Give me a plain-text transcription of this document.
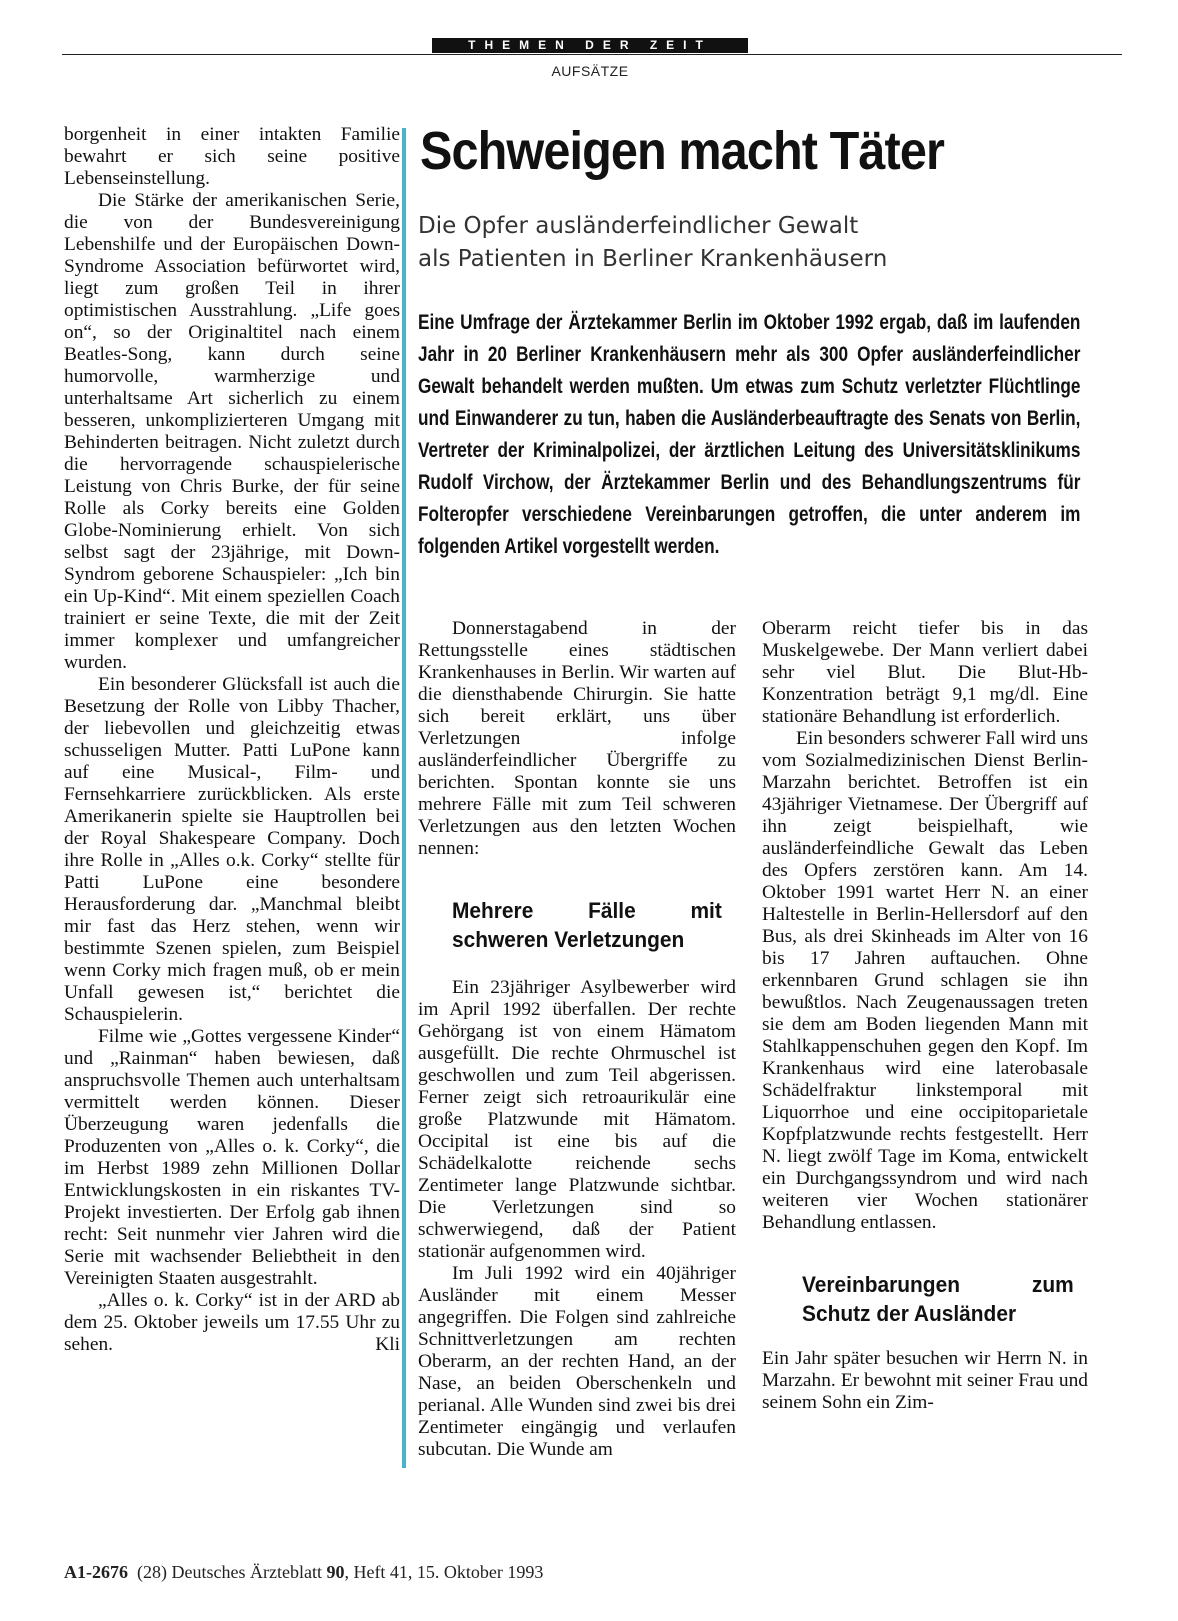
THEMEN DER ZEIT
AUFSÄTZE

borgenheit in einer intakten Familie bewahrt er sich seine positive Lebenseinstellung.

Die Stärke der amerikanischen Serie, die von der Bundesvereinigung Lebenshilfe und der Europäischen Down-Syndrome Association befürwortet wird, liegt zum großen Teil in ihrer optimistischen Ausstrahlung. „Life goes on“, so der Originaltitel nach einem Beatles-Song, kann durch seine humorvolle, warmherzige und unterhaltsame Art sicherlich zu einem besseren, unkomplizierteren Umgang mit Behinderten beitragen. Nicht zuletzt durch die hervorragende schauspielerische Leistung von Chris Burke, der für seine Rolle als Corky bereits eine Golden Globe-Nominierung erhielt. Von sich selbst sagt der 23jährige, mit Down-Syndrom geborene Schauspieler: „Ich bin ein Up-Kind“. Mit einem speziellen Coach trainiert er seine Texte, die mit der Zeit immer komplexer und umfangreicher wurden.

Ein besonderer Glücksfall ist auch die Besetzung der Rolle von Libby Thacher, der liebevollen und gleichzeitig etwas schusseligen Mutter. Patti LuPone kann auf eine Musical-, Film- und Fernsehkarriere zurückblicken. Als erste Amerikanerin spielte sie Hauptrollen bei der Royal Shakespeare Company. Doch ihre Rolle in „Alles o.k. Corky“ stellte für Patti LuPone eine besondere Herausforderung dar. „Manchmal bleibt mir fast das Herz stehen, wenn wir bestimmte Szenen spielen, zum Beispiel wenn Corky mich fragen muß, ob er mein Unfall gewesen ist,“ berichtet die Schauspielerin.

Filme wie „Gottes vergessene Kinder“ und „Rainman“ haben bewiesen, daß anspruchsvolle Themen auch unterhaltsam vermittelt werden können. Dieser Überzeugung waren jedenfalls die Produzenten von „Alles o. k. Corky“, die im Herbst 1989 zehn Millionen Dollar Entwicklungskosten in ein riskantes TV-Projekt investierten. Der Erfolg gab ihnen recht: Seit nunmehr vier Jahren wird die Serie mit wachsender Beliebtheit in den Vereinigten Staaten ausgestrahlt.

„Alles o. k. Corky“ ist in der ARD ab dem 25. Oktober jeweils um 17.55 Uhr zu sehen.	Kli

Schweigen macht Täter
Die Opfer ausländerfeindlicher Gewalt
als Patienten in Berliner Krankenhäusern

Eine Umfrage der Ärztekammer Berlin im Oktober 1992 ergab, daß im laufenden Jahr in 20 Berliner Krankenhäusern mehr als 300 Opfer ausländerfeindlicher Gewalt behandelt werden mußten. Um etwas zum Schutz verletzter Flüchtlinge und Einwanderer zu tun, haben die Ausländerbeauftragte des Senats von Berlin, Vertreter der Kriminalpolizei, der ärztlichen Leitung des Universitätsklinikums Rudolf Virchow, der Ärztekammer Berlin und des Behandlungszentrums für Folteropfer verschiedene Vereinbarungen getroffen, die unter anderem im folgenden Artikel vorgestellt werden.

Donnerstagabend in der Rettungsstelle eines städtischen Krankenhauses in Berlin. Wir warten auf die diensthabende Chirurgin. Sie hatte sich bereit erklärt, uns über Verletzungen infolge ausländerfeindlicher Übergriffe zu berichten. Spontan konnte sie uns mehrere Fälle mit zum Teil schweren Verletzungen aus den letzten Wochen nennen:

Mehrere Fälle mit schweren Verletzungen

Ein 23jähriger Asylbewerber wird im April 1992 überfallen. Der rechte Gehörgang ist von einem Hämatom ausgefüllt. Die rechte Ohrmuschel ist geschwollen und zum Teil abgerissen. Ferner zeigt sich retroaurikulär eine große Platzwunde mit Hämatom. Occipital ist eine bis auf die Schädelkalotte reichende sechs Zentimeter lange Platzwunde sichtbar. Die Verletzungen sind so schwerwiegend, daß der Patient stationär aufgenommen wird.

Im Juli 1992 wird ein 40jähriger Ausländer mit einem Messer angegriffen. Die Folgen sind zahlreiche Schnittverletzungen am rechten Oberarm, an der rechten Hand, an der Nase, an beiden Oberschenkeln und perianal. Alle Wunden sind zwei bis drei Zentimeter eingängig und verlaufen subcutan. Die Wunde am

Oberarm reicht tiefer bis in das Muskelgewebe. Der Mann verliert dabei sehr viel Blut. Die Blut-Hb-Konzentration beträgt 9,1 mg/dl. Eine stationäre Behandlung ist erforderlich.

Ein besonders schwerer Fall wird uns vom Sozialmedizinischen Dienst Berlin-Marzahn berichtet. Betroffen ist ein 43jähriger Vietnamese. Der Übergriff auf ihn zeigt beispielhaft, wie ausländerfeindliche Gewalt das Leben des Opfers zerstören kann. Am 14. Oktober 1991 wartet Herr N. an einer Haltestelle in Berlin-Hellersdorf auf den Bus, als drei Skinheads im Alter von 16 bis 17 Jahren auftauchen. Ohne erkennbaren Grund schlagen sie ihn bewußtlos. Nach Zeugenaussagen treten sie dem am Boden liegenden Mann mit Stahlkappenschuhen gegen den Kopf. Im Krankenhaus wird eine laterobasale Schädelfraktur linkstemporal mit Liquorrhoe und eine occipitoparietale Kopfplatzwunde rechts festgestellt. Herr N. liegt zwölf Tage im Koma, entwickelt ein Durchgangssyndrom und wird nach weiteren vier Wochen stationärer Behandlung entlassen.

Vereinbarungen zum Schutz der Ausländer

Ein Jahr später besuchen wir Herrn N. in Marzahn. Er bewohnt mit seiner Frau und seinem Sohn ein Zim-

A1-2676 (28) Deutsches Ärzteblatt 90, Heft 41, 15. Oktober 1993
